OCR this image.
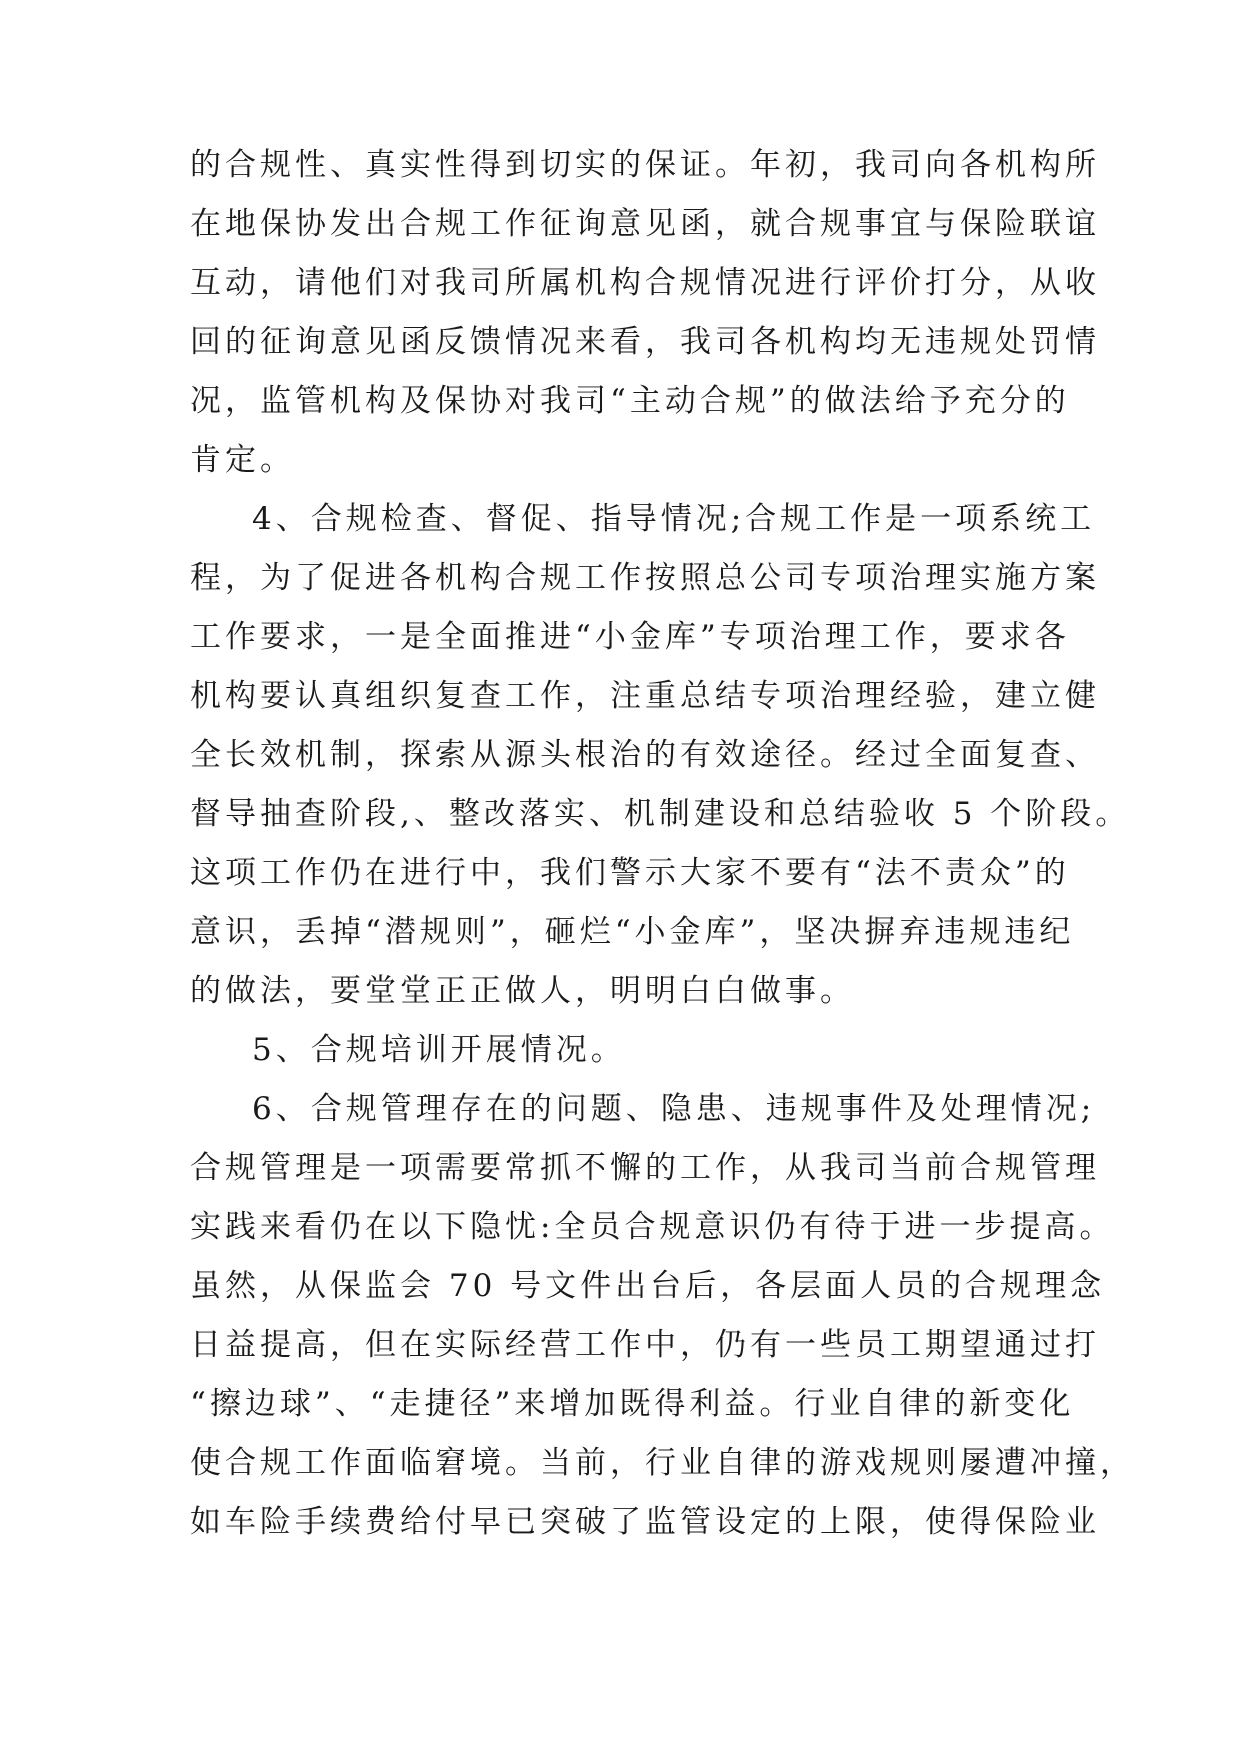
的合规性、真实性得到切实的保证。年初，我司向各机构所
在地保协发出合规工作征询意见函，就合规事宜与保险联谊
互动，请他们对我司所属机构合规情况进行评价打分，从收
回的征询意见函反馈情况来看，我司各机构均无违规处罚情
况，监管机构及保协对我司“主动合规”的做法给予充分的
肯定。
4、合规检查、督促、指导情况;合规工作是一项系统工
程，为了促进各机构合规工作按照总公司专项治理实施方案
工作要求，一是全面推进“小金库”专项治理工作，要求各
机构要认真组织复查工作，注重总结专项治理经验，建立健
全长效机制，探索从源头根治的有效途径。经过全面复查、
督导抽查阶段,、整改落实、机制建设和总结验收 5 个阶段。
这项工作仍在进行中，我们警示大家不要有“法不责众”的
意识，丢掉“潜规则”，砸烂“小金库”，坚决摒弃违规违纪
的做法，要堂堂正正做人，明明白白做事。
5、合规培训开展情况。
6、合规管理存在的问题、隐患、违规事件及处理情况;
合规管理是一项需要常抓不懈的工作，从我司当前合规管理
实践来看仍在以下隐忧:全员合规意识仍有待于进一步提高。
虽然，从保监会 70 号文件出台后，各层面人员的合规理念
日益提高，但在实际经营工作中，仍有一些员工期望通过打
“擦边球”、“走捷径”来增加既得利益。行业自律的新变化
使合规工作面临窘境。当前，行业自律的游戏规则屡遭冲撞，
如车险手续费给付早已突破了监管设定的上限，使得保险业
